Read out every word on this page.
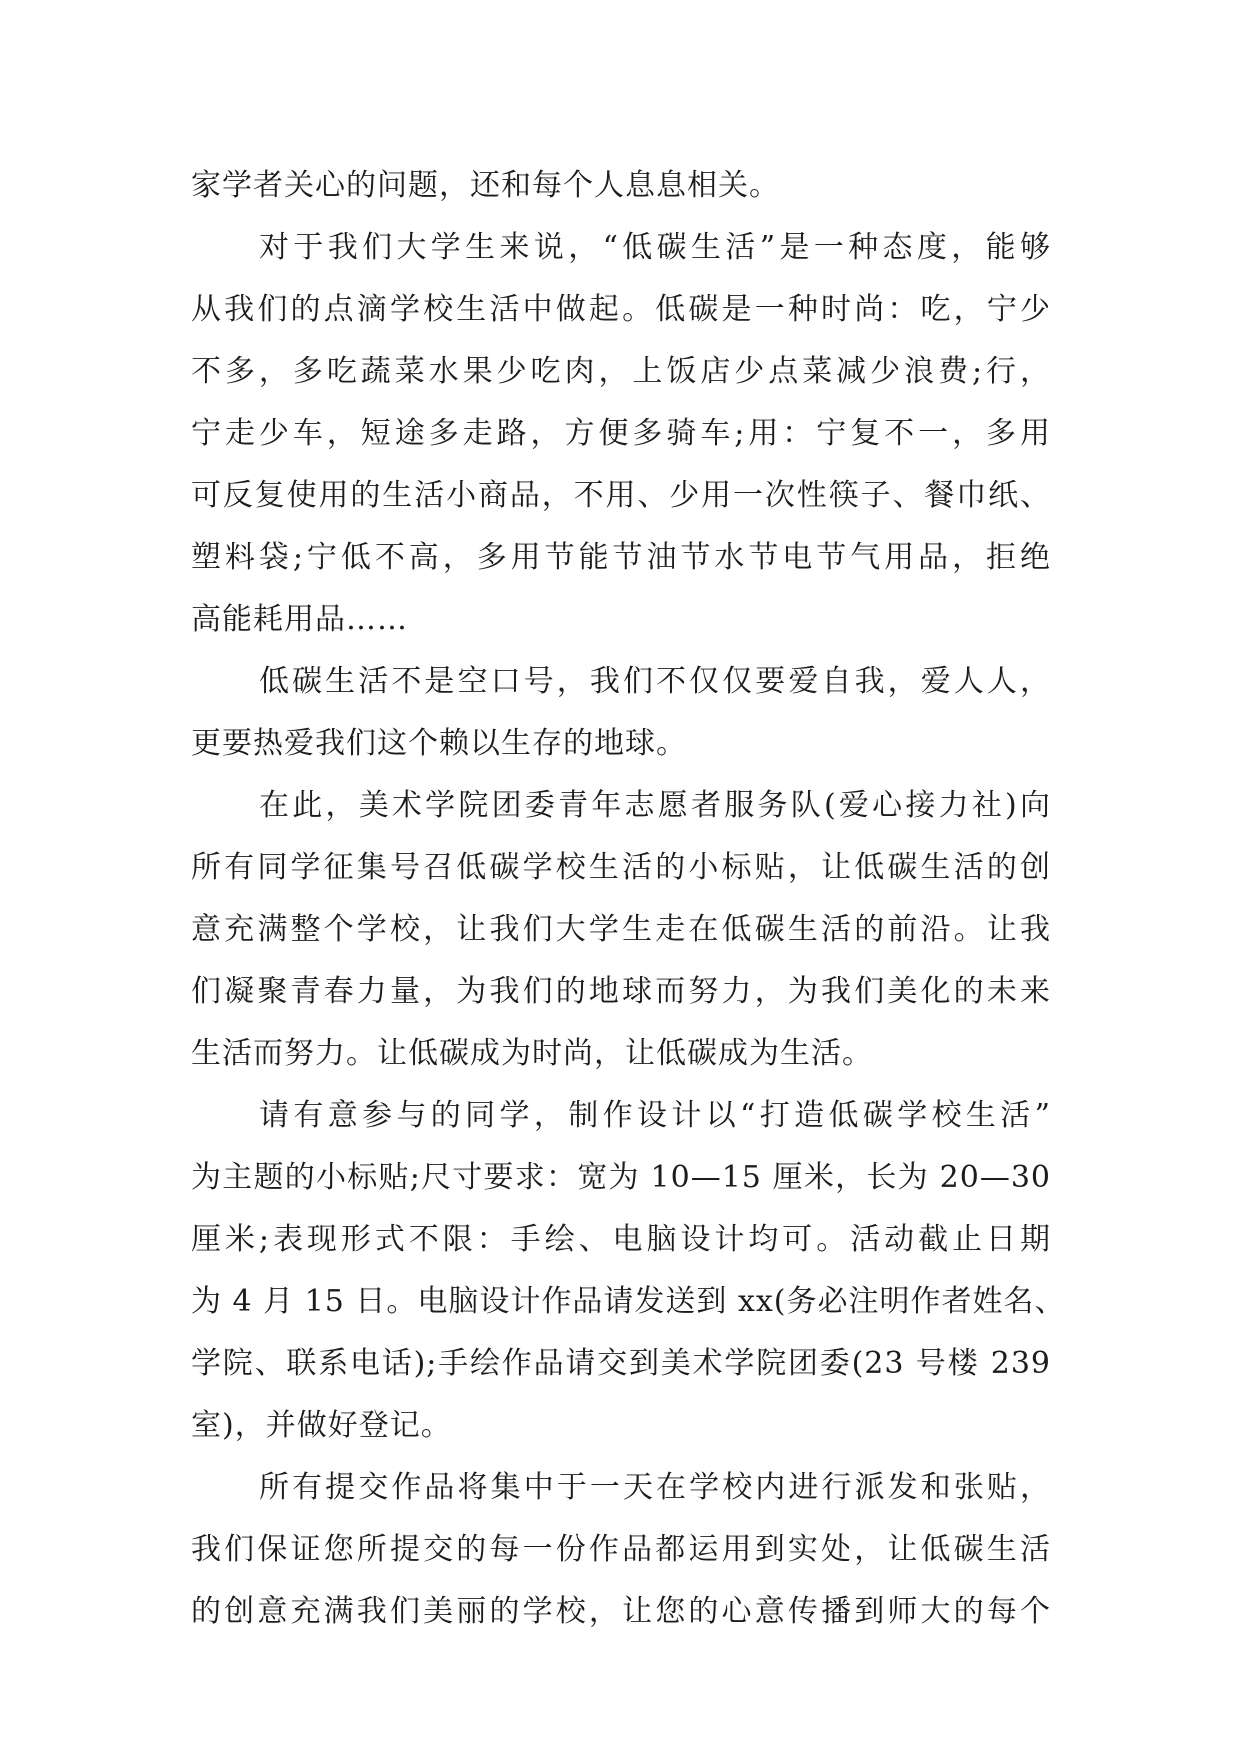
家学者关心的问题，还和每个人息息相关。
对于我们大学生来说，“低碳生活”是一种态度，能够
从我们的点滴学校生活中做起。低碳是一种时尚：吃，宁少
不多，多吃蔬菜水果少吃肉，上饭店少点菜减少浪费;行，
宁走少车，短途多走路，方便多骑车;用：宁复不一，多用
可反复使用的生活小商品，不用、少用一次性筷子、餐巾纸、
塑料袋;宁低不高，多用节能节油节水节电节气用品，拒绝
高能耗用品……
低碳生活不是空口号，我们不仅仅要爱自我，爱人人，
更要热爱我们这个赖以生存的地球。
在此，美术学院团委青年志愿者服务队(爱心接力社)向
所有同学征集号召低碳学校生活的小标贴，让低碳生活的创
意充满整个学校，让我们大学生走在低碳生活的前沿。让我
们凝聚青春力量，为我们的地球而努力，为我们美化的未来
生活而努力。让低碳成为时尚，让低碳成为生活。
请有意参与的同学，制作设计以“打造低碳学校生活”
为主题的小标贴;尺寸要求：宽为 10—15 厘米，长为 20—30
厘米;表现形式不限：手绘、电脑设计均可。活动截止日期
为 4 月 15 日。电脑设计作品请发送到 xx(务必注明作者姓名、
学院、联系电话);手绘作品请交到美术学院团委(23 号楼 239
室)，并做好登记。
所有提交作品将集中于一天在学校内进行派发和张贴，
我们保证您所提交的每一份作品都运用到实处，让低碳生活
的创意充满我们美丽的学校，让您的心意传播到师大的每个
